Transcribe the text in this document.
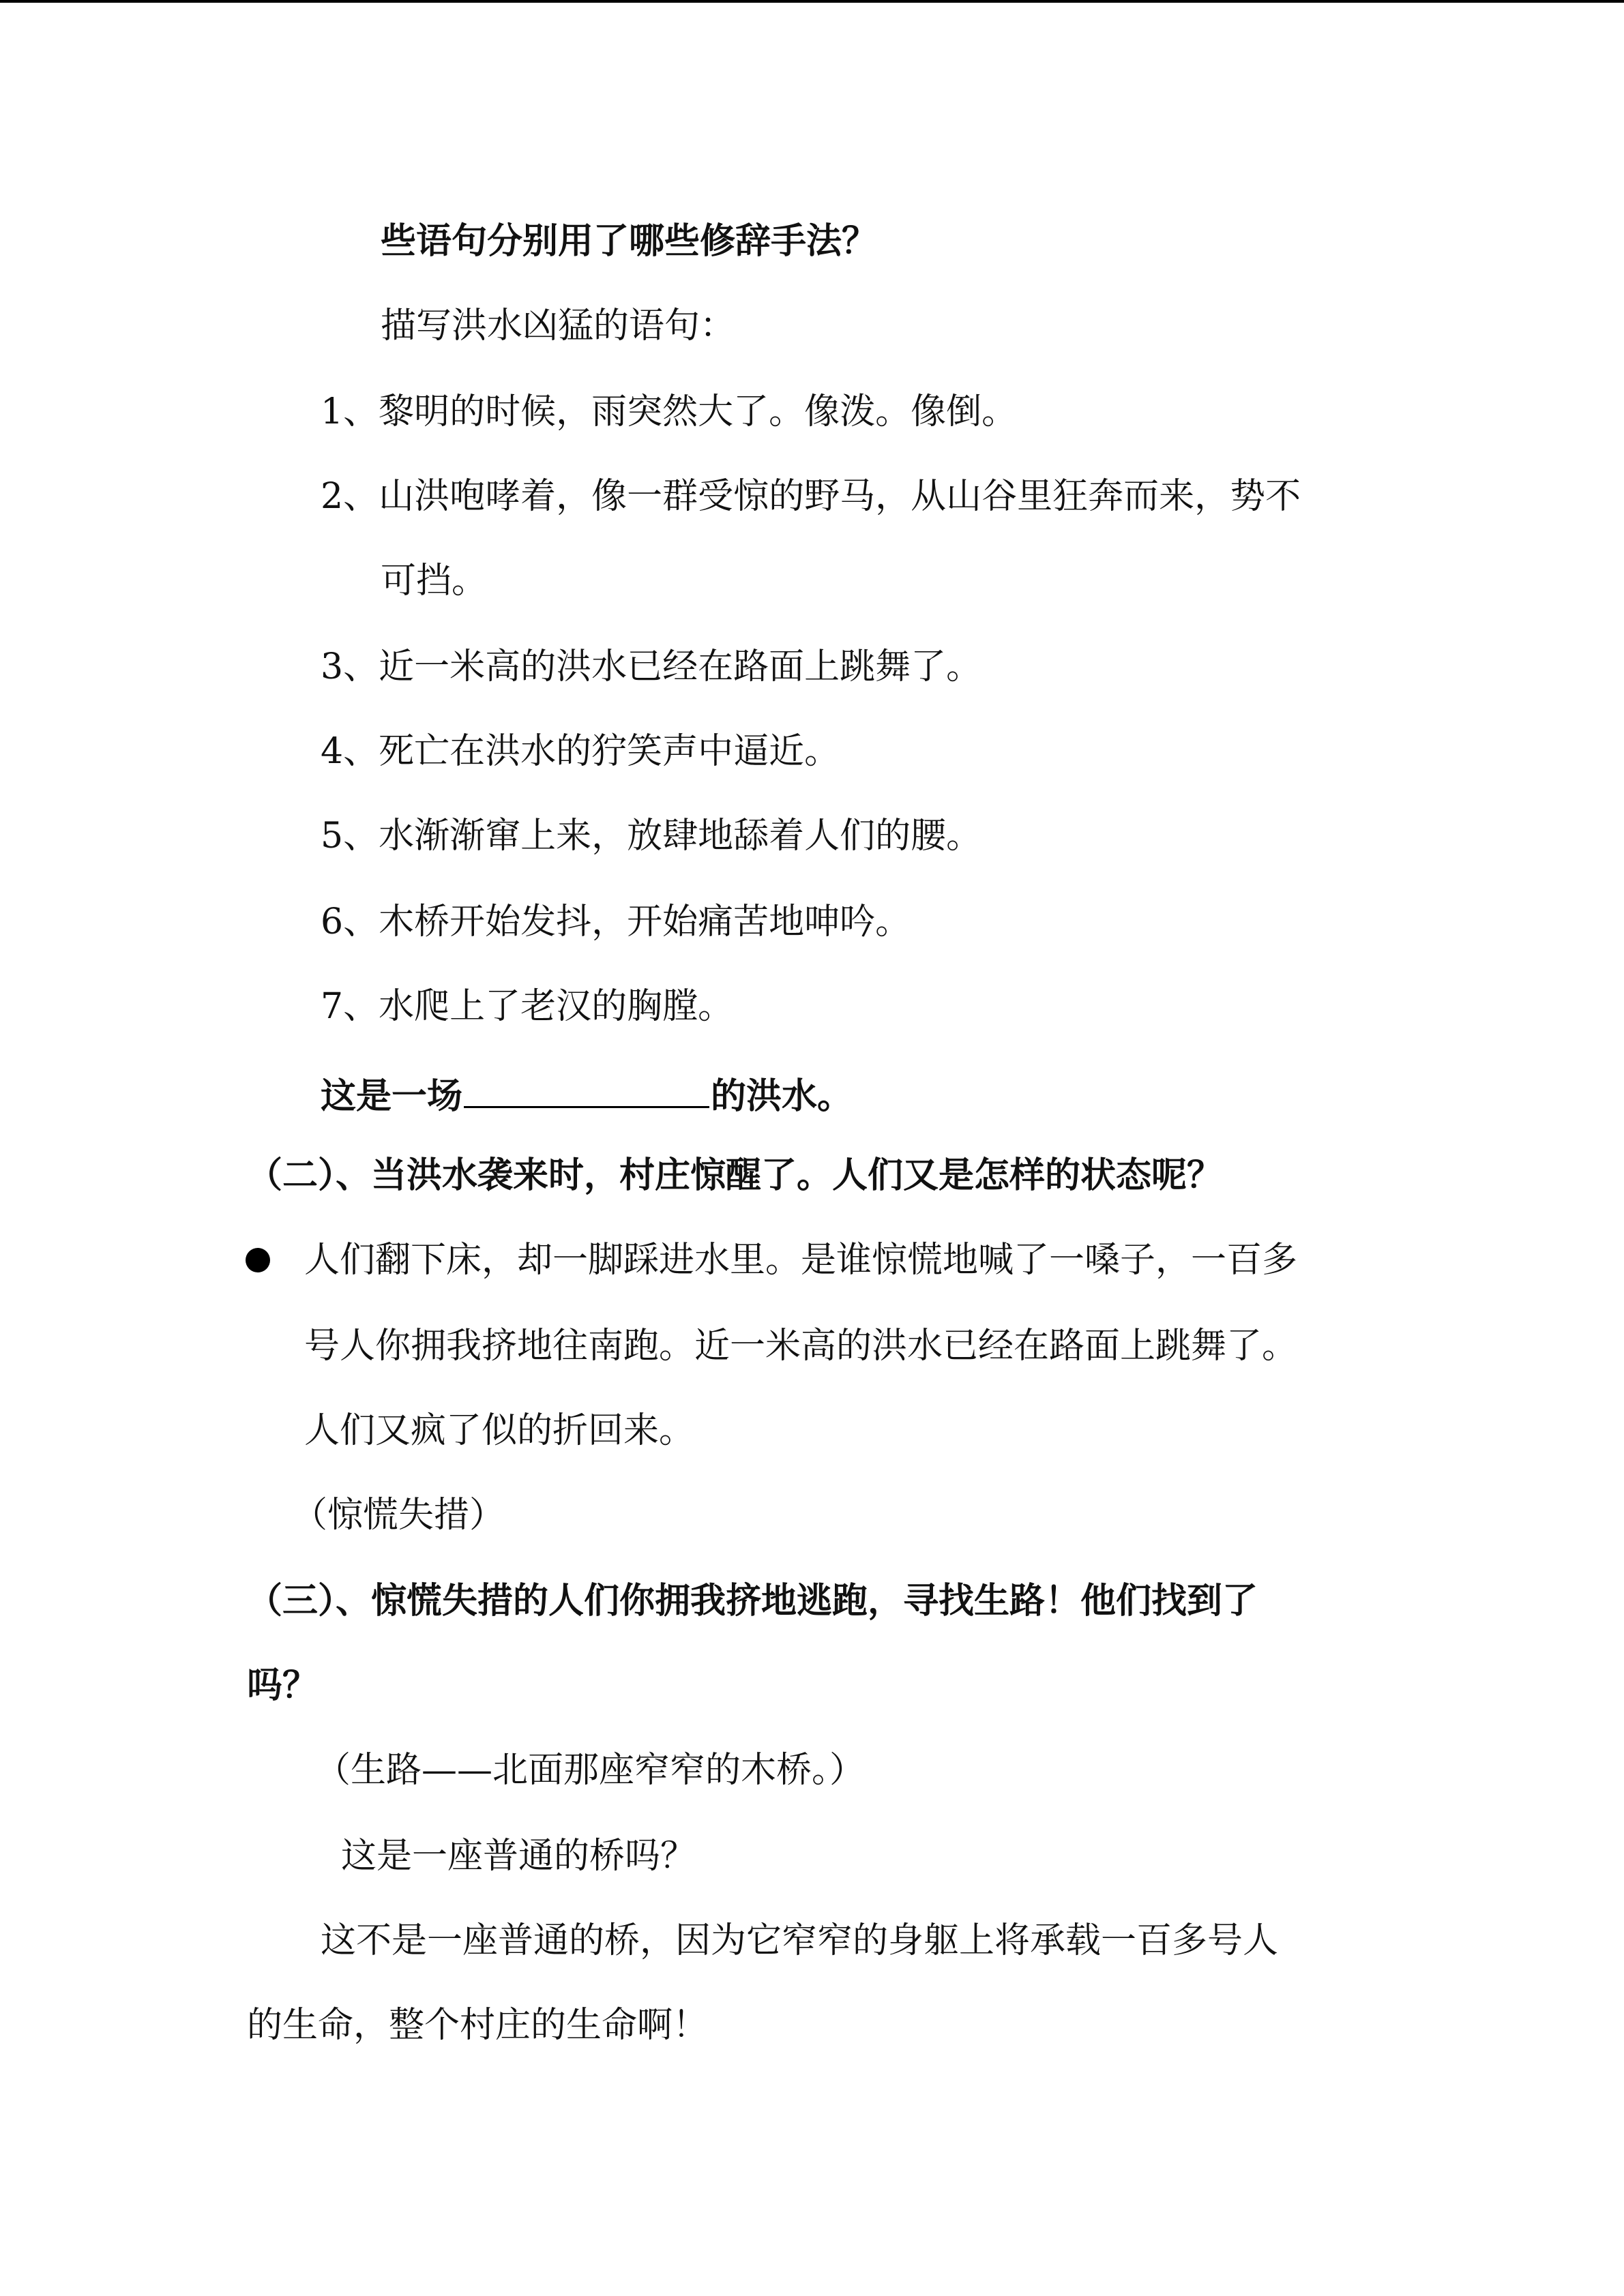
些语句分别用了哪些修辞手法？
描写洪水凶猛的语句：
1、黎明的时候，雨突然大了。像泼。像倒。
2、山洪咆哮着，像一群受惊的野马，从山谷里狂奔而来，势不
可挡。
3、近一米高的洪水已经在路面上跳舞了。
4、死亡在洪水的狞笑声中逼近。
5、水渐渐窜上来，放肆地舔着人们的腰。
6、木桥开始发抖，开始痛苦地呻吟。
7、水爬上了老汉的胸膛。
这是一场	的洪水。
（二）、当洪水袭来时，村庄惊醒了。人们又是怎样的状态呢？
人们翻下床，却一脚踩进水里。是谁惊慌地喊了一嗓子，一百多
号人你拥我挤地往南跑。近一米高的洪水已经在路面上跳舞了。
人们又疯了似的折回来。
（惊慌失措）
（三）、惊慌失措的人们你拥我挤地逃跑，寻找生路！他们找到了
吗？
（生路——北面那座窄窄的木桥。）
这是一座普通的桥吗？
这不是一座普通的桥，因为它窄窄的身躯上将承载一百多号人
的生命，整个村庄的生命啊！
